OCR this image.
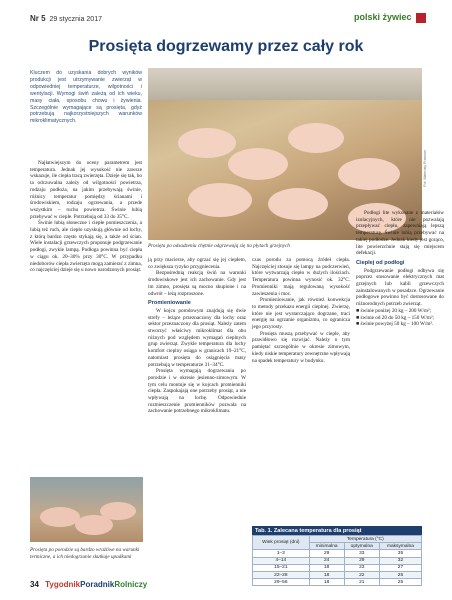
Nr 5 29 stycznia 2017	polski żywiec
Prosięta dogrzewamy przez cały rok
Kluczem do uzyskania dobrych wyników produkcji jest utrzymywanie zwierząt w odpowiedniej temperaturze, wilgotności i wentylacji. Wymogi świń zależą od ich wieku, masy ciała, sposobu chowu i żywienia. Szczególnie wymagające są prosięta, gdyż potrzebują najkorzystniejszych warunków mikroklimatycznych.
Fot. Materiały Prasowe
Prosięta po odsadzeniu chętnie odgrzewają się na płytach grzejnych

Najłatwiejszym do oceny parametrem jest temperatura. Jednak jej wysokość nie zawsze wskazuje, ile ciepła tracą zwierzęta. Dzieje się tak, bo ta odczuwalna zależy od wilgotności powietrza, rodzaju podłoża, na jakim przebywają świnie, różnicy temperatur pomiędzy ścianami i środowiskiem, rodzaju ogrzewania, a przede wszystkim – ruchu powietrza. Świnie lubią przebywać w cieple. Potrzebują od 33 do 35°C.

Świnie lubią słoneczne i ciepłe pomieszczenia, a lubią też ruch, ale ciepło uzyskują głównie od lochy, z którą bardzo często stykają się, a także od ścian. Wiele instalacji grzewczych proponuje podgrzewanie podłogi, zwykle lampą. Podłoga powinna być ciepła w ciągu ok. 20–30% przy 30°C. W przypadku niedoborów ciepła zwierzęta mogą zamierać z zimna, co najczęściej dzieje się u nowo narodzonych prosiąt.

ją przy macierze, aby ogrzać się jej ciepłem, co zwiększa ryzyko przygniecenia.

Bezpośrednią reakcją świń na warunki środowiskowe jest ich zachowanie. Gdy jest im zimno, prosięta są mocno skupione i na odwrót – leżą rozproszone.

Promieniowanie

W kojcu porodowym znajdują się dwie strefy – leżące przeznaczony dla lochy oraz sektor przeznaczony dla prosiąt. Należy zatem stworzyć właściwy mikroklimat dla obu różnych pod względem wymagań cieplnych grup zwierząt. Zwykle temperatura dla lochy komfort cieplny osiąga w granicach 19–21°C, natomiast prosięta do osiągnięcia masy potrzebują w temperaturze 31–34°C.

Prosięta wymagają dogrzewania po porodzie i w okresie jesienno-zimowym. W tym celu montuje się w kojcach promienniki ciepła. Zaspokajają one potrzeby prosiąt, a nie wpływają na lochę. Odpowiednie rozmieszczenie promienników pozwala na zachowanie potrzebnego mikroklimatu.

czas porodu za pomocą źródeł ciepła. Najczęściej stosuje się lampy na podczerwień, które wytwarzają ciepło w dużych ilościach. Temperatura powinna wynosić ok. 32°C. Promienniki mają regulowaną wysokość zawieszenia i moc.

Promieniowanie, jak również konwekcja to metody przekazu energii cieplnej. Zwierzę, które nie jest wystarczająco dogrzane, traci energię na ogrzanie organizmu, co ogranicza jego przyrosty.

Prosięta muszą przebywać w cieple, aby prawidłowo się rozwijać. Należy o tym pamiętać szczególnie w okresie zimowym, kiedy niskie temperatury zewnętrzne wpływają na spadek temperatury w budynku.

Podłogi lite wykonane z materiałów izolacyjnych, które nie pozwalają przepływać ciepłu, zapewniają lepszą temperaturę. Świnie lubią przebywać na takiej podłodze. Jednak kiedy jest gorąco, lite powierzchnie stają się miejscem defekacji.

Cieplej od podłogi

Podgrzewanie podłogi odbywa się poprzez stosowanie elektrycznych mat grzejnych lub kabli grzewczych zainstalowanych w posadzce. Ogrzewanie podłogowe powinno być dostosowane do różnorodnych potrzeb zwierząt.

■ świnie poniżej 20 kg – 200 W/m²;

■ świnie od 20 do 50 kg – 150 W/m²;

■ świnie powyżej 50 kg – 100 W/m².

Prosięta po porodzie są bardzo wrażliwe na warunki termiczne, a ich niedogrzanie skutkuje upadkami
Tab. 1. Zalecana temperatura dla prosiąt
Wiek prosiąt (dni)	Temperatura (°C)		
	minimalna	optymalna	maksymalna
1–3	29	33	35
4–14	24	29	32
15–21	18	23	27
22–28	18	22	25
29–56	18	21	25
34 TygodnikPoradnikRolniczy
